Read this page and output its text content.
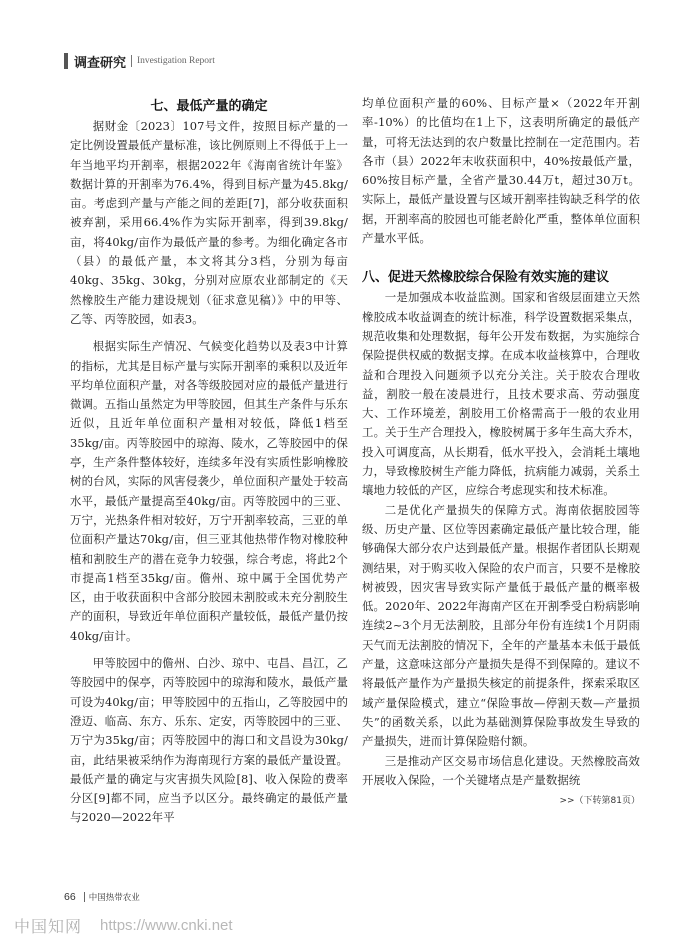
调查研究 Investigation Report
七、最低产量的确定

据财金〔2023〕107号文件，按照目标产量的一定比例设置最低产量标准，该比例原则上不得低于上一年当地平均开割率，根据2022年《海南省统计年鉴》数据计算的开割率为76.4%，得到目标产量为45.8kg/亩。考虑到产量与产能之间的差距[7]，部分收获面积被弃割，采用66.4%作为实际开割率，得到39.8kg/亩，将40kg/亩作为最低产量的参考。为细化确定各市（县）的最低产量，本文将其分3档，分别为每亩40kg、35kg、30kg，分别对应原农业部制定的《天然橡胶生产能力建设规划（征求意见稿）》中的甲等、乙等、丙等胶园，如表3。

根据实际生产情况、气候变化趋势以及表3中计算的指标，尤其是目标产量与实际开割率的乘积以及近年平均单位面积产量，对各等级胶园对应的最低产量进行微调。五指山虽然定为甲等胶园，但其生产条件与乐东近似，且近年单位面积产量相对较低，降低1档至35kg/亩。丙等胶园中的琼海、陵水，乙等胶园中的保亭，生产条件整体较好，连续多年没有实质性影响橡胶树的台风，实际的风害侵袭少，单位面积产量处于较高水平，最低产量提高至40kg/亩。丙等胶园中的三亚、万宁，光热条件相对较好，万宁开割率较高，三亚的单位面积产量达70kg/亩，但三亚其他热带作物对橡胶种植和割胶生产的潜在竞争力较强，综合考虑，将此2个市提高1档至35kg/亩。儋州、琼中属于全国优势产区，由于收获面积中含部分胶园未割胶或未充分割胶生产的面积，导致近年单位面积产量较低，最低产量仍按40kg/亩计。

甲等胶园中的儋州、白沙、琼中、屯昌、昌江，乙等胶园中的保亭，丙等胶园中的琼海和陵水，最低产量可设为40kg/亩；甲等胶园中的五指山，乙等胶园中的澄迈、临高、东方、乐东、定安，丙等胶园中的三亚、万宁为35kg/亩；丙等胶园中的海口和文昌设为30kg/亩，此结果被采纳作为海南现行方案的最低产量设置。最低产量的确定与灾害损失风险[8]、收入保险的费率分区[9]都不同，应当予以区分。最终确定的最低产量与2020—2022年平

均单位面积产量的60%、目标产量×（2022年开割率-10%）的比值均在1上下，这表明所确定的最低产量，可将无法达到的农户数量比控制在一定范围内。若各市（县）2022年末收获面积中，40%按最低产量，60%按目标产量，全省产量30.44万t，超过30万t。实际上，最低产量设置与区域开割率挂钩缺乏科学的依据，开割率高的胶园也可能老龄化严重，整体单位面积产量水平低。

八、促进天然橡胶综合保险有效实施的建议

一是加强成本收益监测。国家和省级层面建立天然橡胶成本收益调查的统计标准，科学设置数据采集点，规范收集和处理数据，每年公开发布数据，为实施综合保险提供权威的数据支撑。在成本收益核算中，合理收益和合理投入问题须予以充分关注。关于胶农合理收益，割胶一般在凌晨进行，且技术要求高、劳动强度大、工作环境差，割胶用工价格需高于一般的农业用工。关于生产合理投入，橡胶树属于多年生高大乔木，投入可调度高，从长期看，低水平投入，会消耗土壤地力，导致橡胶树生产能力降低，抗病能力减弱，关系土壤地力较低的产区，应综合考虑现实和技术标准。

二是优化产量损失的保障方式。海南依据胶园等级、历史产量、区位等因素确定最低产量比较合理，能够确保大部分农户达到最低产量。根据作者团队长期观测结果，对于购买收入保险的农户而言，只要不是橡胶树被毁，因灾害导致实际产量低于最低产量的概率极低。2020年、2022年海南产区在开割季受白粉病影响连续2~3个月无法割胶，且部分年份有连续1个月阴雨天气而无法割胶的情况下，全年的产量基本未低于最低产量，这意味这部分产量损失是得不到保障的。建议不将最低产量作为产量损失核定的前提条件，探索采取区域产量保险模式，建立“保险事故—停割天数—产量损失”的函数关系，以此为基础测算保险事故发生导致的产量损失，进而计算保险赔付额。

三是推动产区交易市场信息化建设。天然橡胶高效开展收入保险，一个关键堵点是产量数据统

>>（下转第81页）
66 中国热带农业
中国知网 https://www.cnki.net
